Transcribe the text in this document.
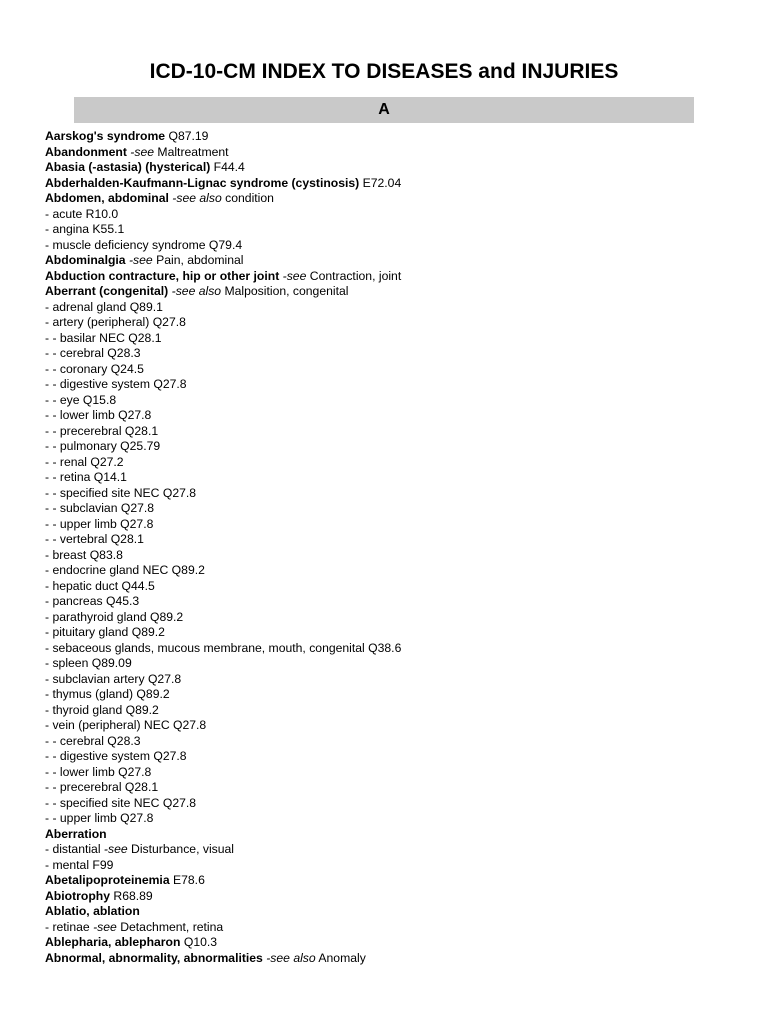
ICD-10-CM INDEX TO DISEASES and INJURIES
A
Aarskog's syndrome Q87.19
Abandonment -see Maltreatment
Abasia (-astasia) (hysterical) F44.4
Abderhalden-Kaufmann-Lignac syndrome (cystinosis) E72.04
Abdomen, abdominal -see also condition
- acute R10.0
- angina K55.1
- muscle deficiency syndrome Q79.4
Abdominalgia -see Pain, abdominal
Abduction contracture, hip or other joint -see Contraction, joint
Aberrant (congenital) -see also Malposition, congenital
- adrenal gland Q89.1
- artery (peripheral) Q27.8
- - basilar NEC Q28.1
- - cerebral Q28.3
- - coronary Q24.5
- - digestive system Q27.8
- - eye Q15.8
- - lower limb Q27.8
- - precerebral Q28.1
- - pulmonary Q25.79
- - renal Q27.2
- - retina Q14.1
- - specified site NEC Q27.8
- - subclavian Q27.8
- - upper limb Q27.8
- - vertebral Q28.1
- breast Q83.8
- endocrine gland NEC Q89.2
- hepatic duct Q44.5
- pancreas Q45.3
- parathyroid gland Q89.2
- pituitary gland Q89.2
- sebaceous glands, mucous membrane, mouth, congenital Q38.6
- spleen Q89.09
- subclavian artery Q27.8
- thymus (gland) Q89.2
- thyroid gland Q89.2
- vein (peripheral) NEC Q27.8
- - cerebral Q28.3
- - digestive system Q27.8
- - lower limb Q27.8
- - precerebral Q28.1
- - specified site NEC Q27.8
- - upper limb Q27.8
Aberration
- distantial -see Disturbance, visual
- mental F99
Abetalipoproteinemia E78.6
Abiotrophy R68.89
Ablatio, ablation
- retinae -see Detachment, retina
Ablepharia, ablepharon Q10.3
Abnormal, abnormality, abnormalities -see also Anomaly
